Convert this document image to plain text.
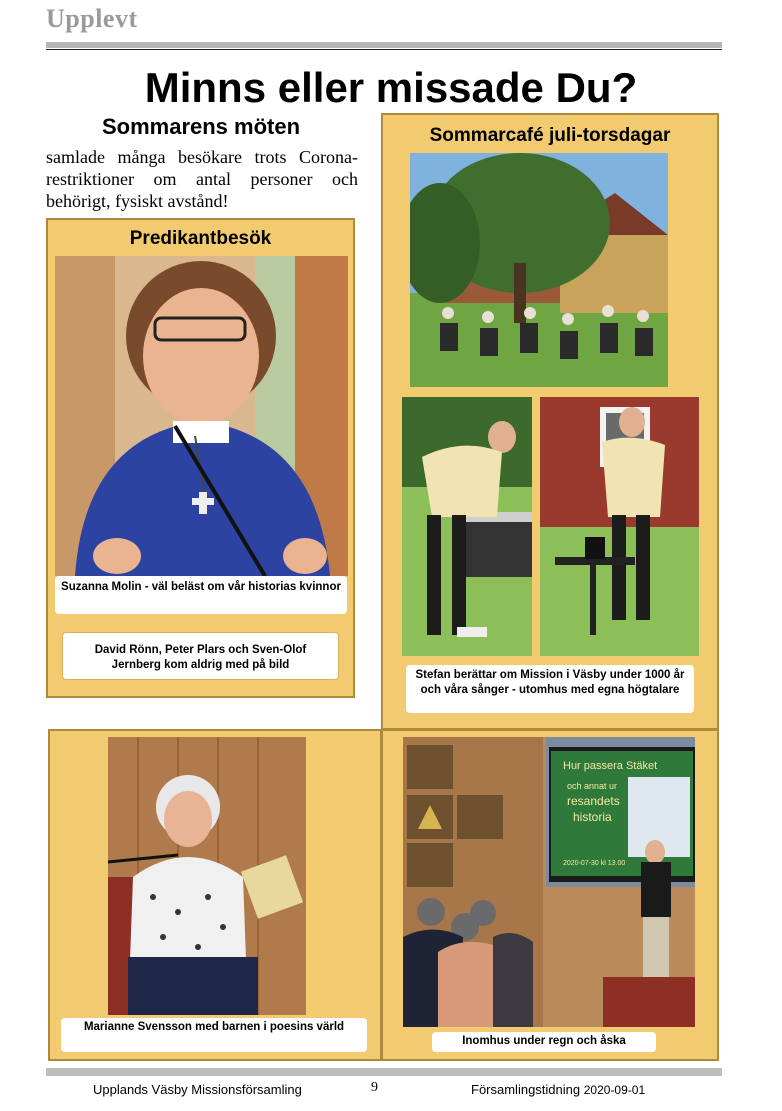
Upplevt
Minns eller missade Du?
Sommarens möten
samlade många besökare trots Corona-restriktioner om antal personer och behörigt, fysiskt avstånd!
Sommarcafé juli-torsdagar
Predikantbesök
Suzanna Molin - väl beläst om vår historias kvinnor
David Rönn, Peter Plars och Sven-Olof Jernberg kom aldrig med på bild
Stefan berättar om Mission i Väsby under 1000 år och våra sånger - utomhus med egna högtalare
Marianne Svensson med barnen i poesins värld
Hur passera Stäket
och annat ur
resandets
historia
2020-07-30 kl 13.00
Inomhus under regn och åska
Upplands Väsby Missionsförsamling	9	Församlingstidning 2020-09-01
